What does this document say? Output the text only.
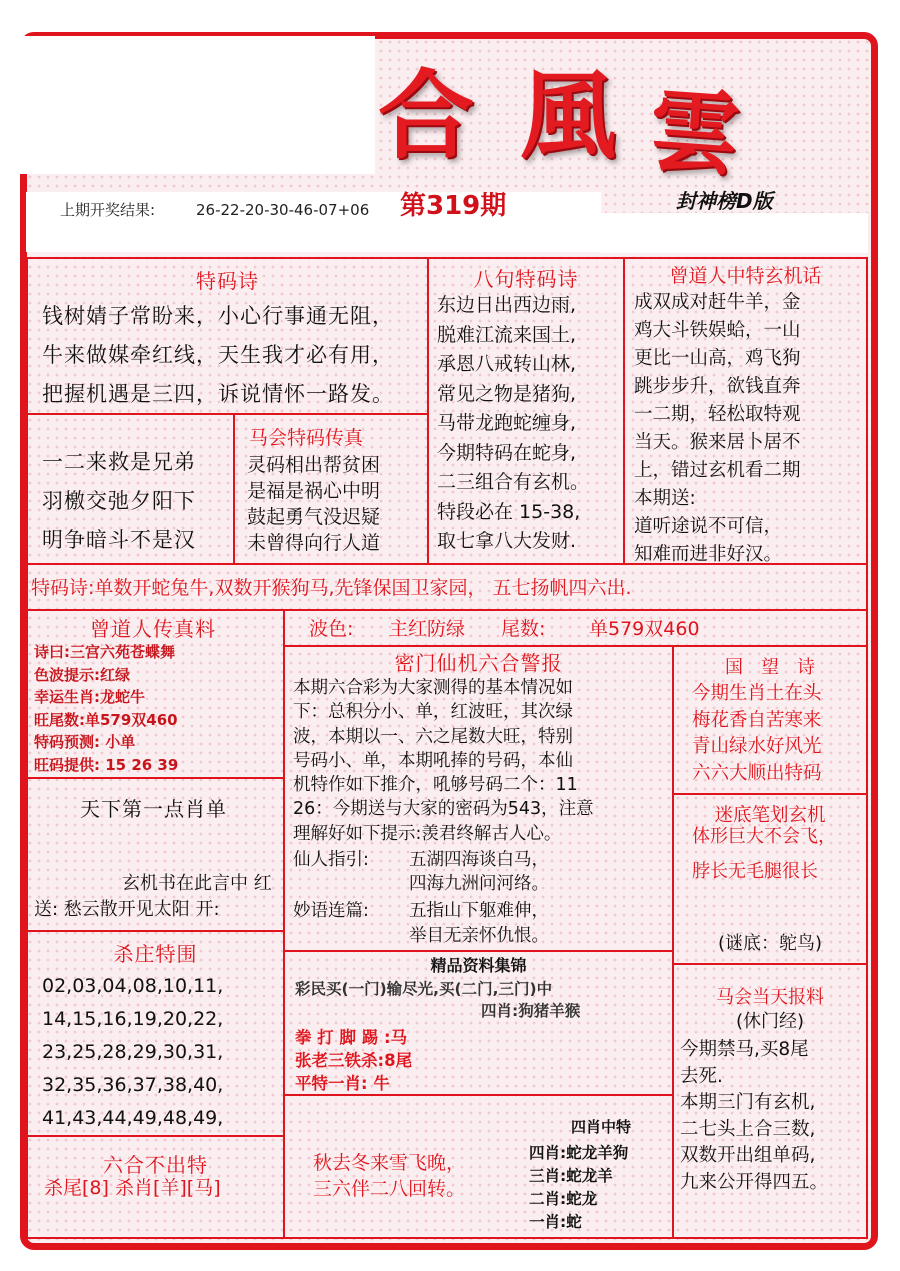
合 風 雲
上期开奖结果:	26-22-20-30-46-07+06 第319期	封神榜D版
特码诗
钱树婧子常盼来，小心行事通无阻，
牛来做媒牵红线，天生我才必有用，
把握机遇是三四，诉说情怀一路发。
一二来救是兄弟
羽檄交弛夕阳下
明争暗斗不是汉
马会特码传真
灵码相出帮贫困
是福是祸心中明
鼓起勇气没迟疑
未曾得向行人道
八句特码诗
东边日出西边雨,
脱难江流来国土,
承恩八戒转山林,
常见之物是猪狗,
马带龙跑蛇缠身,
今期特码在蛇身,
二三组合有玄机。
特段必在 15-38,
取七拿八大发财.
曾道人中特玄机话
成双成对赶牛羊，金
鸡大斗铁娱蛤，一山
更比一山高，鸡飞狗
跳步步升，欲钱直奔
一二期，轻松取特观
当天。猴来居卜居不
上，错过玄机看二期
本期送:
道听途说不可信，
知难而进非好汉。
特码诗:单数开蛇兔牛,双数开猴狗马,先锋保国卫家园， 五七扬帆四六出.
曾道人传真料
诗曰:三宫六苑苍蝶舞
色波提示:红绿
幸运生肖:龙蛇牛
旺尾数:单579双460
特码预测: 小单
旺码提供: 15 26 39
天下第一点肖单
玄机书在此言中 红
送: 愁云散开见太阳 开:
杀庄特围
02,03,04,08,10,11,
14,15,16,19,20,22,
23,25,28,29,30,31,
32,35,36,37,38,40,
41,43,44,49,48,49,
六合不出特
杀尾[8] 杀肖[羊][马]
波色: 主红防绿 尾数: 单579双460
密门仙机六合警报
本期六合彩为大家测得的基本情况如
下：总积分小、单，红波旺，其次绿
波，本期以一、六之尾数大旺，特别
号码小、单，本期吼捧的号码，本仙
机特作如下推介，吼够号码二个：11
26：今期送与大家的密码为543，注意
理解好如下提示:羡君终解古人心。
仙人指引: 五湖四海谈白马，
四海九洲问河络。
妙语连篇: 五指山下躯难伸，
举目无亲怀仇恨。
精品资料集锦
彩民买(一门)输尽光,买(二门,三门)中
四肖:狗猪羊猴
拳 打 脚 踢 :马
张老三铁杀:8尾
平特一肖: 牛
秋去冬来雪飞晚，
三六伴二八回转。
四肖中特
四肖:蛇龙羊狗
三肖:蛇龙羊
二肖:蛇龙
一肖:蛇
国　望　诗
今期生肖土在头
梅花香自苦寒来
青山绿水好风光
六六大顺出特码
迷底笔划玄机
体形巨大不会飞，
脖长无毛腿很长
(谜底：鸵鸟)
马会当天报料
(休门经)
今期禁马,买8尾
去死.
本期三门有玄机,
二七头上合三数,
双数开出组单码,
九来公开得四五。
